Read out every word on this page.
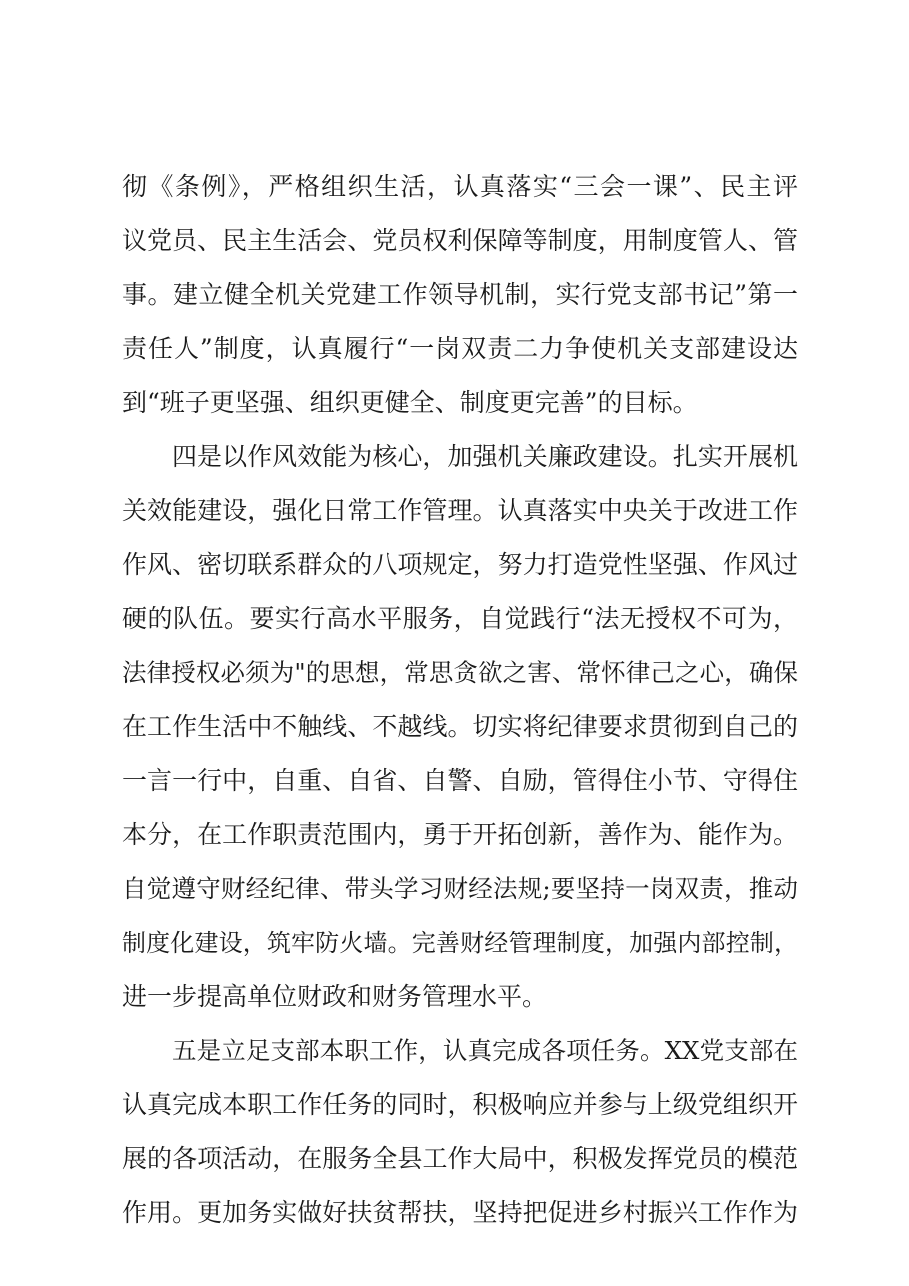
彻《条例》，严格组织生活，认真落实“三会一课”、民主评
议党员、民主生活会、党员权利保障等制度，用制度管人、管
事。建立健全机关党建工作领导机制，实行党支部书记”第一
责任人”制度，认真履行“一岗双责二力争使机关支部建设达
到“班子更坚强、组织更健全、制度更完善”的目标。
四是以作风效能为核心，加强机关廉政建设。扎实开展机
关效能建设，强化日常工作管理。认真落实中央关于改进工作
作风、密切联系群众的八项规定，努力打造党性坚强、作风过
硬的队伍。要实行高水平服务，自觉践行“法无授权不可为，
法律授权必须为"的思想，常思贪欲之害、常怀律己之心，确保
在工作生活中不触线、不越线。切实将纪律要求贯彻到自己的
一言一行中，自重、自省、自警、自励，管得住小节、守得住
本分，在工作职责范围内，勇于开拓创新，善作为、能作为。
自觉遵守财经纪律、带头学习财经法规;要坚持一岗双责，推动
制度化建设，筑牢防火墙。完善财经管理制度，加强内部控制，
进一步提高单位财政和财务管理水平。
五是立足支部本职工作，认真完成各项任务。XX党支部在
认真完成本职工作任务的同时，积极响应并参与上级党组织开
展的各项活动，在服务全县工作大局中，积极发挥党员的模范
作用。更加务实做好扶贫帮扶，坚持把促进乡村振兴工作作为
